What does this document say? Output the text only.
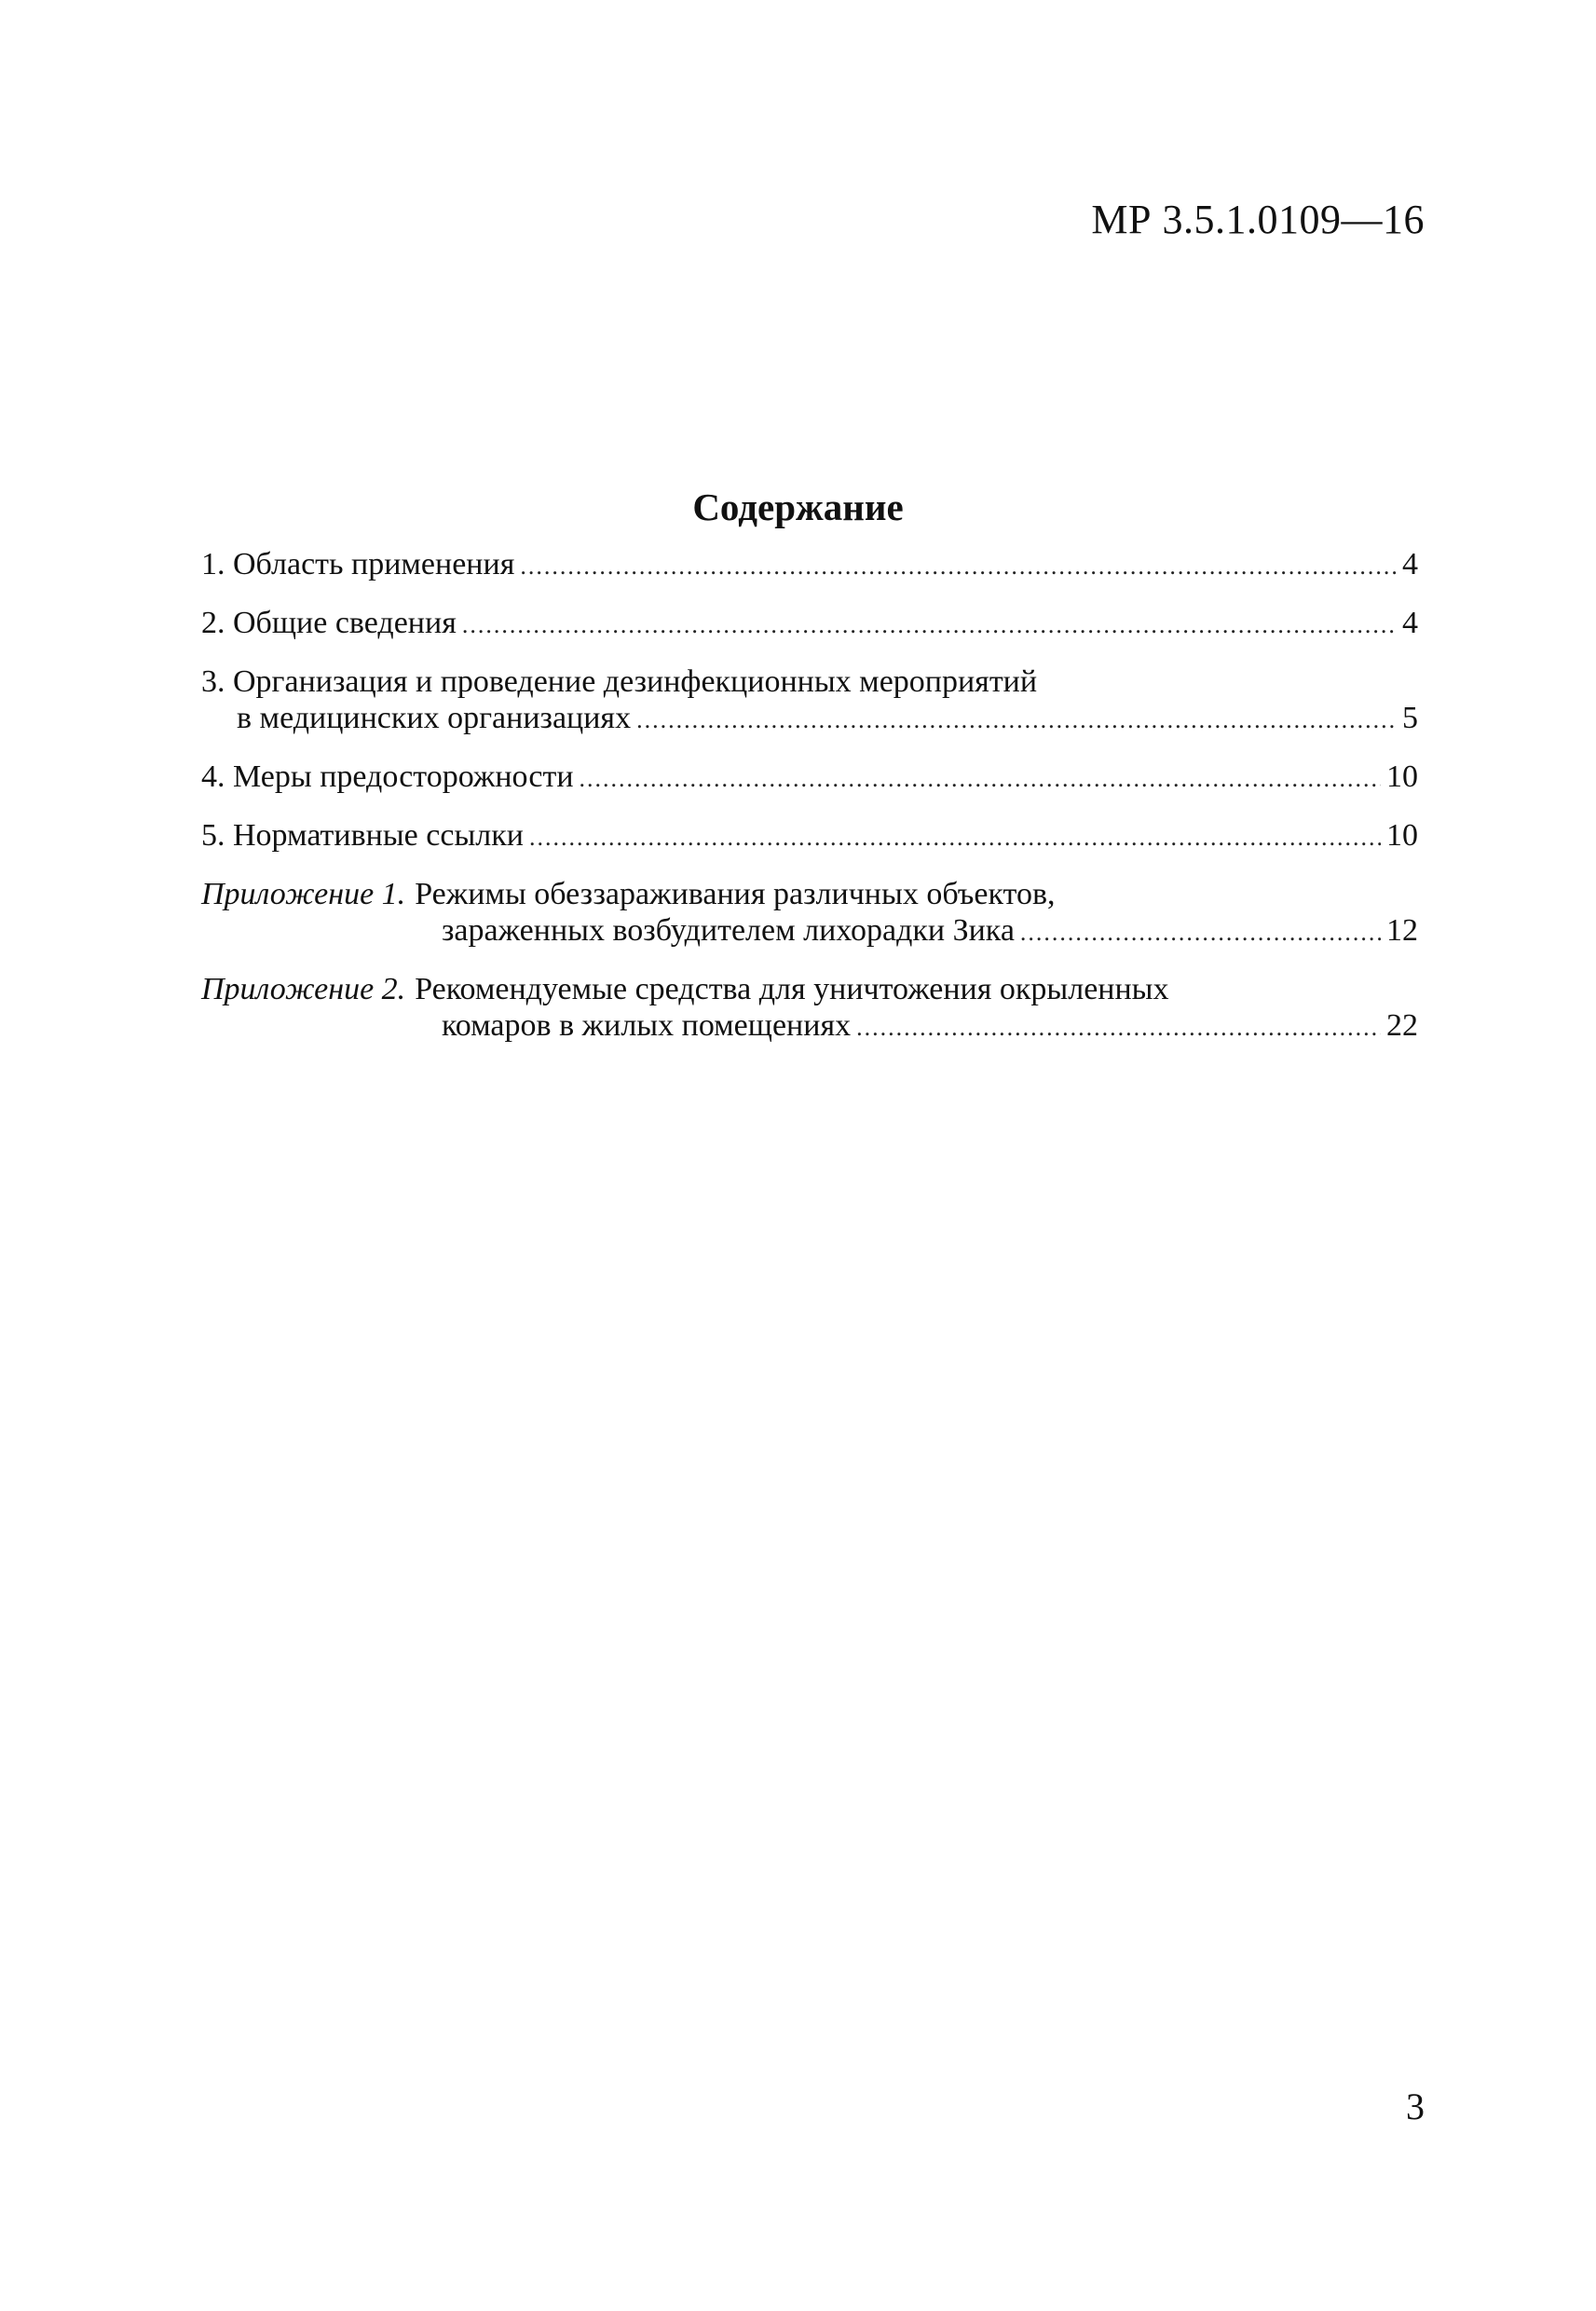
МР 3.5.1.0109—16
Содержание
1. Область применения .....	4
2. Общие сведения .....	4
3. Организация и проведение дезинфекционных мероприятий
в медицинских организациях .....	5
4. Меры предосторожности .....	10
5. Нормативные ссылки .....	10
Приложение 1. Режимы обеззараживания различных объектов,
зараженных возбудителем лихорадки Зика .....	12
Приложение 2. Рекомендуемые средства для уничтожения окрыленных
комаров в жилых помещениях .....	22
3
